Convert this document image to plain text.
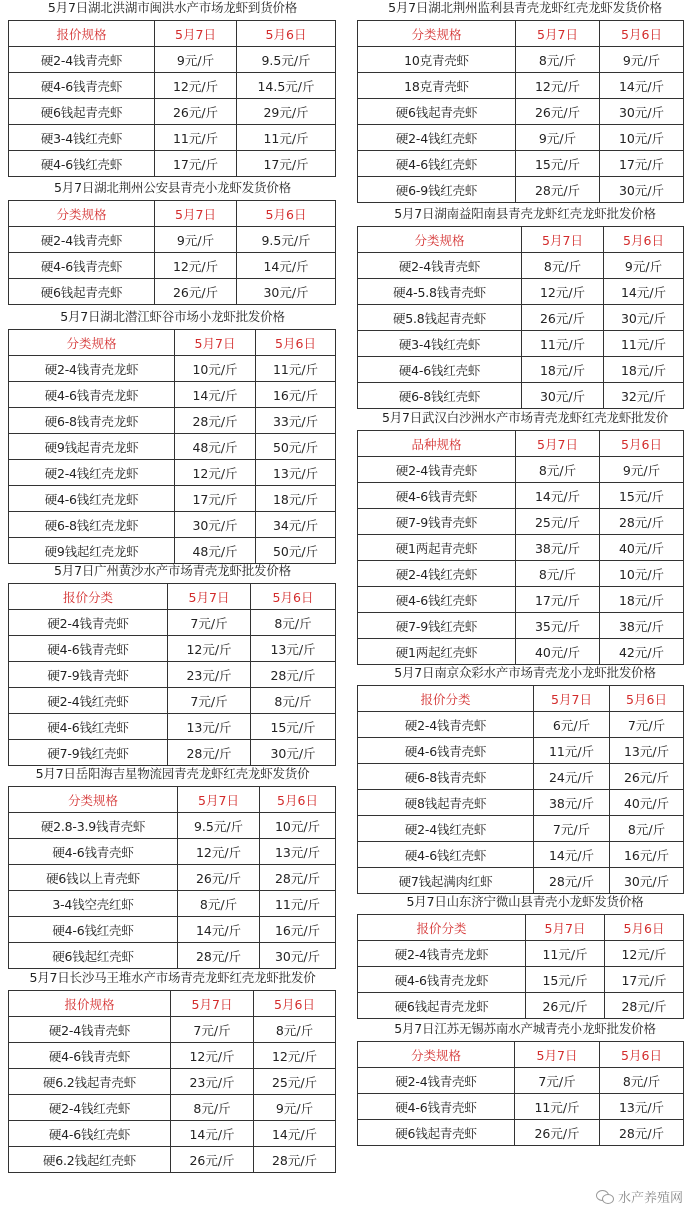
5月7日湖北洪湖市闽洪水产市场龙虾到货价格
报价规格	5月7日	5月6日
硬2-4钱青壳虾	9元/斤	9.5元/斤
硬4-6钱青壳虾	12元/斤	14.5元/斤
硬6钱起青壳虾	26元/斤	29元/斤
硬3-4钱红壳虾	11元/斤	11元/斤
硬4-6钱红壳虾	17元/斤	17元/斤
5月7日湖北荆州公安县青壳小龙虾发货价格
分类规格	5月7日	5月6日
硬2-4钱青壳虾	9元/斤	9.5元/斤
硬4-6钱青壳虾	12元/斤	14元/斤
硬6钱起青壳虾	26元/斤	30元/斤
5月7日湖北潜江虾谷市场小龙虾批发价格
分类规格	5月7日	5月6日
硬2-4钱青壳龙虾	10元/斤	11元/斤
硬4-6钱青壳龙虾	14元/斤	16元/斤
硬6-8钱青壳龙虾	28元/斤	33元/斤
硬9钱起青壳龙虾	48元/斤	50元/斤
硬2-4钱红壳龙虾	12元/斤	13元/斤
硬4-6钱红壳龙虾	17元/斤	18元/斤
硬6-8钱红壳龙虾	30元/斤	34元/斤
硬9钱起红壳龙虾	48元/斤	50元/斤
5月7日广州黄沙水产市场青壳龙虾批发价格
报价分类	5月7日	5月6日
硬2-4钱青壳虾	7元/斤	8元/斤
硬4-6钱青壳虾	12元/斤	13元/斤
硬7-9钱青壳虾	23元/斤	28元/斤
硬2-4钱红壳虾	7元/斤	8元/斤
硬4-6钱红壳虾	13元/斤	15元/斤
硬7-9钱红壳虾	28元/斤	30元/斤
5月7日岳阳海吉星物流园青壳龙虾红壳龙虾发货价
分类规格	5月7日	5月6日
硬2.8-3.9钱青壳虾	9.5元/斤	10元/斤
硬4-6钱青壳虾	12元/斤	13元/斤
硬6钱以上青壳虾	26元/斤	28元/斤
3-4钱空壳红虾	8元/斤	11元/斤
硬4-6钱红壳虾	14元/斤	16元/斤
硬6钱起红壳虾	28元/斤	30元/斤
5月7日长沙马王堆水产市场青壳龙虾红壳龙虾批发价
报价规格	5月7日	5月6日
硬2-4钱青壳虾	7元/斤	8元/斤
硬4-6钱青壳虾	12元/斤	12元/斤
硬6.2钱起青壳虾	23元/斤	25元/斤
硬2-4钱红壳虾	8元/斤	9元/斤
硬4-6钱红壳虾	14元/斤	14元/斤
硬6.2钱起红壳虾	26元/斤	28元/斤
5月7日湖北荆州监利县青壳龙虾红壳龙虾发货价格
分类规格	5月7日	5月6日
10克青壳虾	8元/斤	9元/斤
18克青壳虾	12元/斤	14元/斤
硬6钱起青壳虾	26元/斤	30元/斤
硬2-4钱红壳虾	9元/斤	10元/斤
硬4-6钱红壳虾	15元/斤	17元/斤
硬6-9钱红壳虾	28元/斤	30元/斤
5月7日湖南益阳南县青壳龙虾红壳龙虾批发价格
分类规格	5月7日	5月6日
硬2-4钱青壳虾	8元/斤	9元/斤
硬4-5.8钱青壳虾	12元/斤	14元/斤
硬5.8钱起青壳虾	26元/斤	30元/斤
硬3-4钱红壳虾	11元/斤	11元/斤
硬4-6钱红壳虾	18元/斤	18元/斤
硬6-8钱红壳虾	30元/斤	32元/斤
5月7日武汉白沙洲水产市场青壳龙虾红壳龙虾批发价
品种规格	5月7日	5月6日
硬2-4钱青壳虾	8元/斤	9元/斤
硬4-6钱青壳虾	14元/斤	15元/斤
硬7-9钱青壳虾	25元/斤	28元/斤
硬1两起青壳虾	38元/斤	40元/斤
硬2-4钱红壳虾	8元/斤	10元/斤
硬4-6钱红壳虾	17元/斤	18元/斤
硬7-9钱红壳虾	35元/斤	38元/斤
硬1两起红壳虾	40元/斤	42元/斤
5月7日南京众彩水产市场青壳龙小龙虾批发价格
报价分类	5月7日	5月6日
硬2-4钱青壳虾	6元/斤	7元/斤
硬4-6钱青壳虾	11元/斤	13元/斤
硬6-8钱青壳虾	24元/斤	26元/斤
硬8钱起青壳虾	38元/斤	40元/斤
硬2-4钱红壳虾	7元/斤	8元/斤
硬4-6钱红壳虾	14元/斤	16元/斤
硬7钱起满肉红虾	28元/斤	30元/斤
5月7日山东济宁微山县青壳小龙虾发货价格
报价分类	5月7日	5月6日
硬2-4钱青壳龙虾	11元/斤	12元/斤
硬4-6钱青壳龙虾	15元/斤	17元/斤
硬6钱起青壳龙虾	26元/斤	28元/斤
5月7日江苏无锡苏南水产城青壳小龙虾批发价格
分类规格	5月7日	5月6日
硬2-4钱青壳虾	7元/斤	8元/斤
硬4-6钱青壳虾	11元/斤	13元/斤
硬6钱起青壳虾	26元/斤	28元/斤
水产养殖网
